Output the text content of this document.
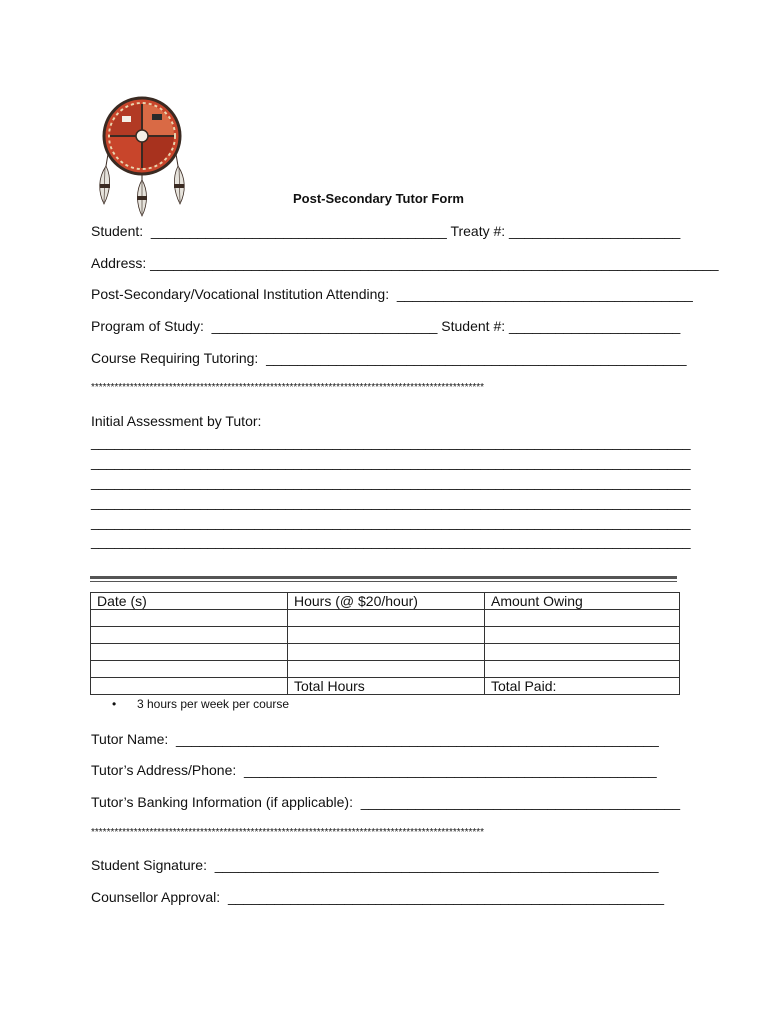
Post-Secondary Tutor Form
Student:  ______________________________________ Treaty #: ______________________
Address: _________________________________________________________________________
Post-Secondary/Vocational Institution Attending:  ______________________________________
Program of Study:  _____________________________ Student #: ______________________
Course Requiring Tutoring:  ______________________________________________________
*****************************************************************************************************
Initial Assessment by Tutor:
_____________________________________________________________________________
_____________________________________________________________________________
_____________________________________________________________________________
_____________________________________________________________________________
_____________________________________________________________________________
_____________________________________________________________________________
Date (s)	Hours (@ $20/hour)	Amount Owing

	Total Hours	Total Paid:
• 3 hours per week per course
Tutor Name:  ______________________________________________________________
Tutor’s Address/Phone:  _____________________________________________________
Tutor’s Banking Information (if applicable):  _________________________________________
*****************************************************************************************************
Student Signature:  _________________________________________________________
Counsellor Approval:  ________________________________________________________
